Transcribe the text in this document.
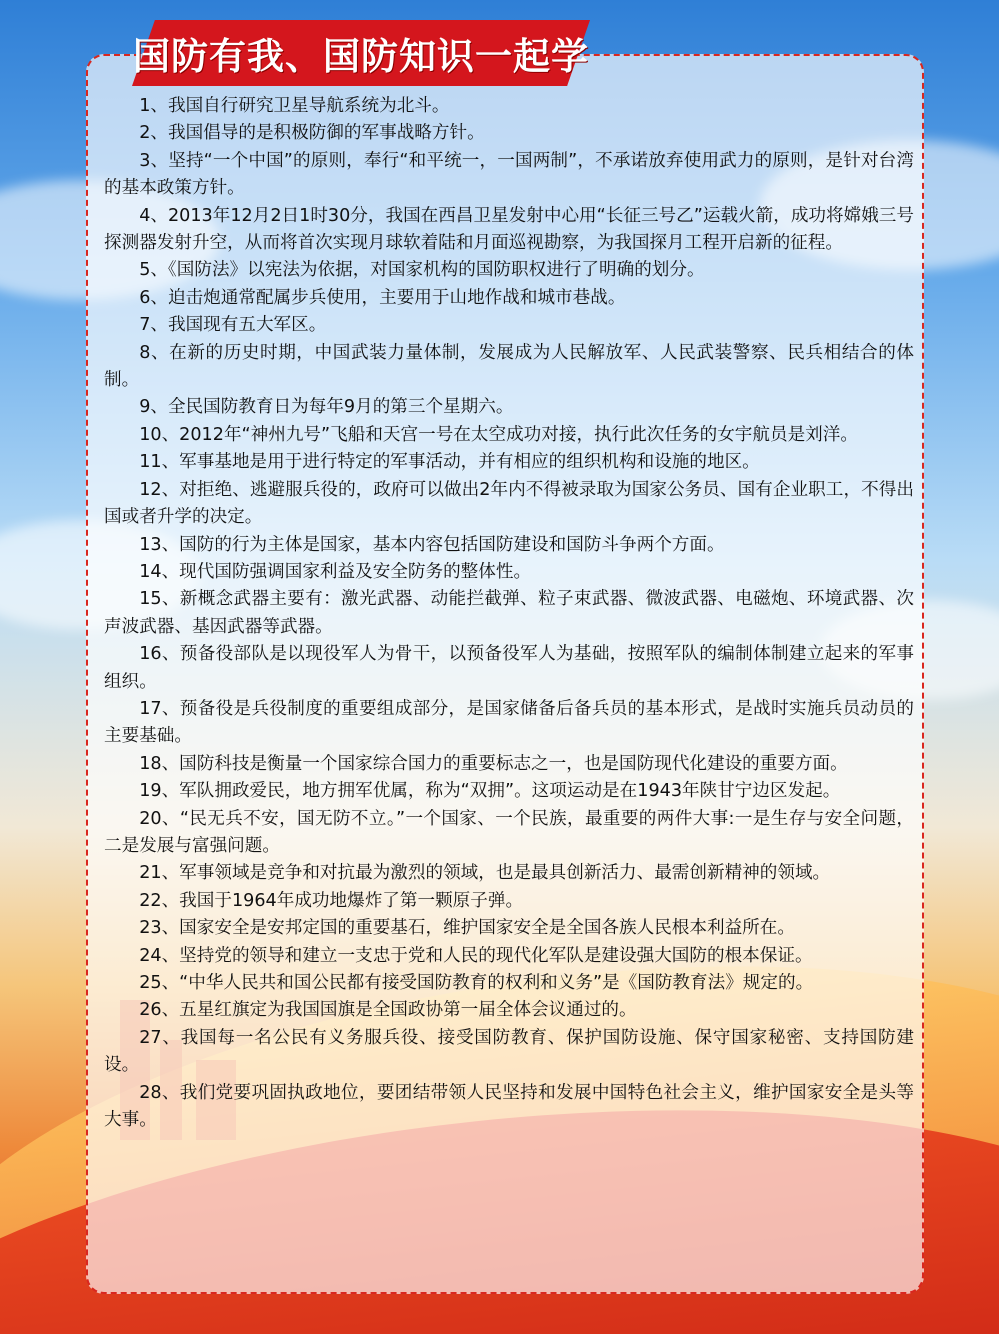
国防有我、国防知识一起学

1、我国自行研究卫星导航系统为北斗。

2、我国倡导的是积极防御的军事战略方针。

3、坚持“一个中国”的原则，奉行“和平统一，一国两制”，不承诺放弃使用武力的原则，是针对台湾的基本政策方针。

4、2013年12月2日1时30分，我国在西昌卫星发射中心用“长征三号乙”运载火箭，成功将嫦娥三号探测器发射升空，从而将首次实现月球软着陆和月面巡视勘察，为我国探月工程开启新的征程。

5、《国防法》以宪法为依据，对国家机构的国防职权进行了明确的划分。

6、迫击炮通常配属步兵使用，主要用于山地作战和城市巷战。

7、我国现有五大军区。

8、在新的历史时期，中国武装力量体制，发展成为人民解放军、人民武装警察、民兵相结合的体制。

9、全民国防教育日为每年9月的第三个星期六。

10、2012年“神州九号”飞船和天宫一号在太空成功对接，执行此次任务的女宇航员是刘洋。

11、军事基地是用于进行特定的军事活动，并有相应的组织机构和设施的地区。

12、对拒绝、逃避服兵役的，政府可以做出2年内不得被录取为国家公务员、国有企业职工，不得出国或者升学的决定。

13、国防的行为主体是国家，基本内容包括国防建设和国防斗争两个方面。

14、现代国防强调国家利益及安全防务的整体性。

15、新概念武器主要有：激光武器、动能拦截弹、粒子束武器、微波武器、电磁炮、环境武器、次声波武器、基因武器等武器。

16、预备役部队是以现役军人为骨干，以预备役军人为基础，按照军队的编制体制建立起来的军事组织。

17、预备役是兵役制度的重要组成部分，是国家储备后备兵员的基本形式，是战时实施兵员动员的主要基础。

18、国防科技是衡量一个国家综合国力的重要标志之一，也是国防现代化建设的重要方面。

19、军队拥政爱民，地方拥军优属，称为“双拥”。这项运动是在1943年陕甘宁边区发起。

20、“民无兵不安，国无防不立。”一个国家、一个民族，最重要的两件大事:一是生存与安全问题，二是发展与富强问题。

21、军事领域是竞争和对抗最为激烈的领域，也是最具创新活力、最需创新精神的领域。

22、我国于1964年成功地爆炸了第一颗原子弹。

23、国家安全是安邦定国的重要基石，维护国家安全是全国各族人民根本利益所在。

24、坚持党的领导和建立一支忠于党和人民的现代化军队是建设强大国防的根本保证。

25、“中华人民共和国公民都有接受国防教育的权利和义务”是《国防教育法》规定的。

26、五星红旗定为我国国旗是全国政协第一届全体会议通过的。

27、我国每一名公民有义务服兵役、接受国防教育、保护国防设施、保守国家秘密、支持国防建设。

28、我们党要巩固执政地位，要团结带领人民坚持和发展中国特色社会主义，维护国家安全是头等大事。
